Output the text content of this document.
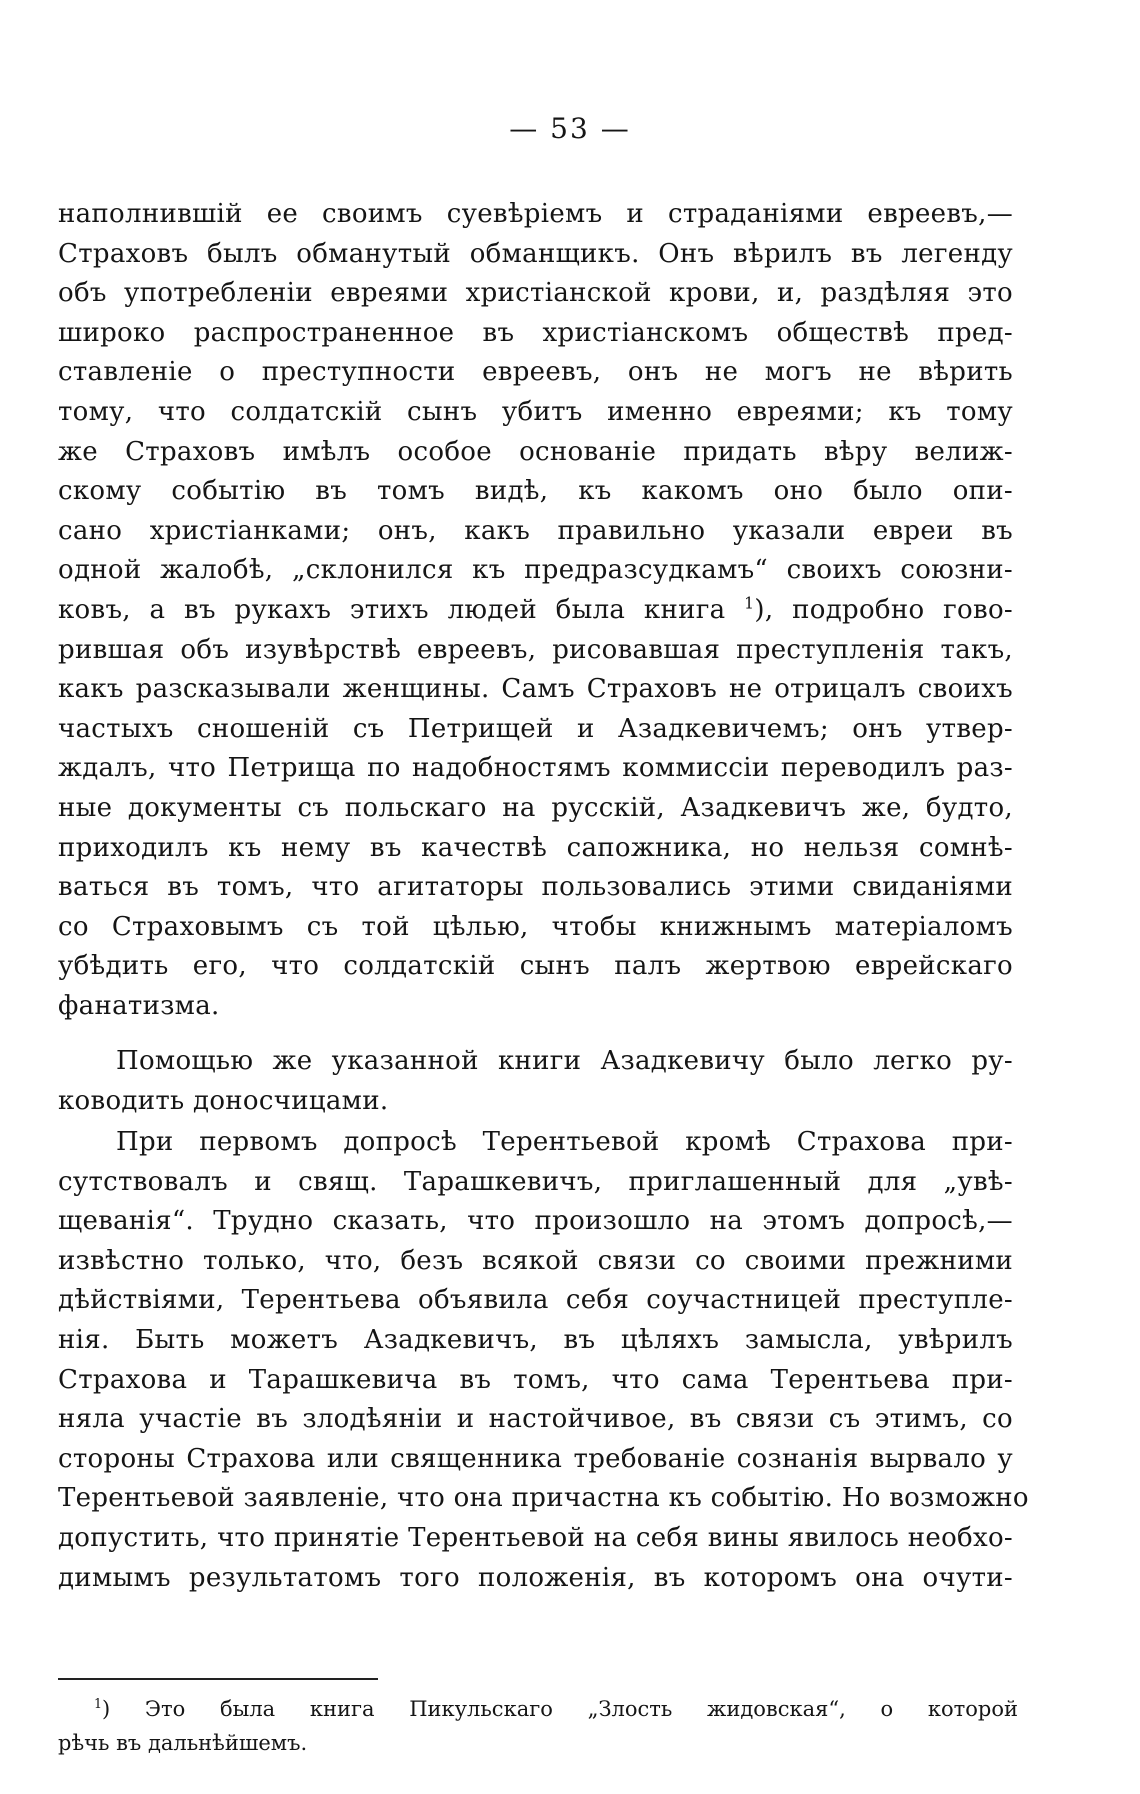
— 53 —
наполнившій ее своимъ суевѣріемъ и страданіями евреевъ,—
Страховъ былъ обманутый обманщикъ. Онъ вѣрилъ въ легенду
объ употребленіи евреями христіанской крови, и, раздѣляя это
широко распространенное въ христіанскомъ обществѣ пред-
ставленіе о преступности евреевъ, онъ не могъ не вѣрить
тому, что солдатскій сынъ убитъ именно евреями; къ тому
же Страховъ имѣлъ особое основаніе придать вѣру велиж-
скому событію въ томъ видѣ, къ какомъ оно было опи-
сано христіанками; онъ, какъ правильно указали евреи въ
одной жалобѣ, „склонился къ предразсудкамъ“ своихъ союзни-
ковъ, а въ рукахъ этихъ людей была книга $^1$), подробно гово-
рившая объ изувѣрствѣ евреевъ, рисовавшая преступленія такъ,
какъ разсказывали женщины. Самъ Страховъ не отрицалъ своихъ
частыхъ сношеній съ Петрищей и Азадкевичемъ; онъ утвер-
ждалъ, что Петрища по надобностямъ коммиссіи переводилъ раз-
ные документы съ польскаго на русскій, Азадкевичъ же, будто,
приходилъ къ нему въ качествѣ сапожника, но нельзя сомнѣ-
ваться въ томъ, что агитаторы пользовались этими свиданіями
со Страховымъ съ той цѣлью, чтобы книжнымъ матеріаломъ
убѣдить его, что солдатскій сынъ палъ жертвою еврейскаго
фанатизма.
Помощью же указанной книги Азадкевичу было легко ру-
ководить доносчицами.
При первомъ допросѣ Терентьевой кромѣ Страхова при-
сутствовалъ и свящ. Тарашкевичъ, приглашенный для „увѣ-
щеванія“. Трудно сказать, что произошло на этомъ допросѣ,—
извѣстно только, что, безъ всякой связи со своими прежними
дѣйствіями, Терентьева объявила себя соучастницей преступле-
нія. Быть можетъ Азадкевичъ, въ цѣляхъ замысла, увѣрилъ
Страхова и Тарашкевича въ томъ, что сама Терентьева при-
няла участіе въ злодѣяніи и настойчивое, въ связи съ этимъ, со
стороны Страхова или священника требованіе сознанія вырвало у
Терентьевой заявленіе, что она причастна къ событію. Но возможно
допустить, что принятіе Терентьевой на себя вины явилось необхо-
димымъ результатомъ того положенія, въ которомъ она очути-
$^1$) Это была книга Пикульскаго „Злость жидовская“, о которой
рѣчь въ дальнѣйшемъ.
